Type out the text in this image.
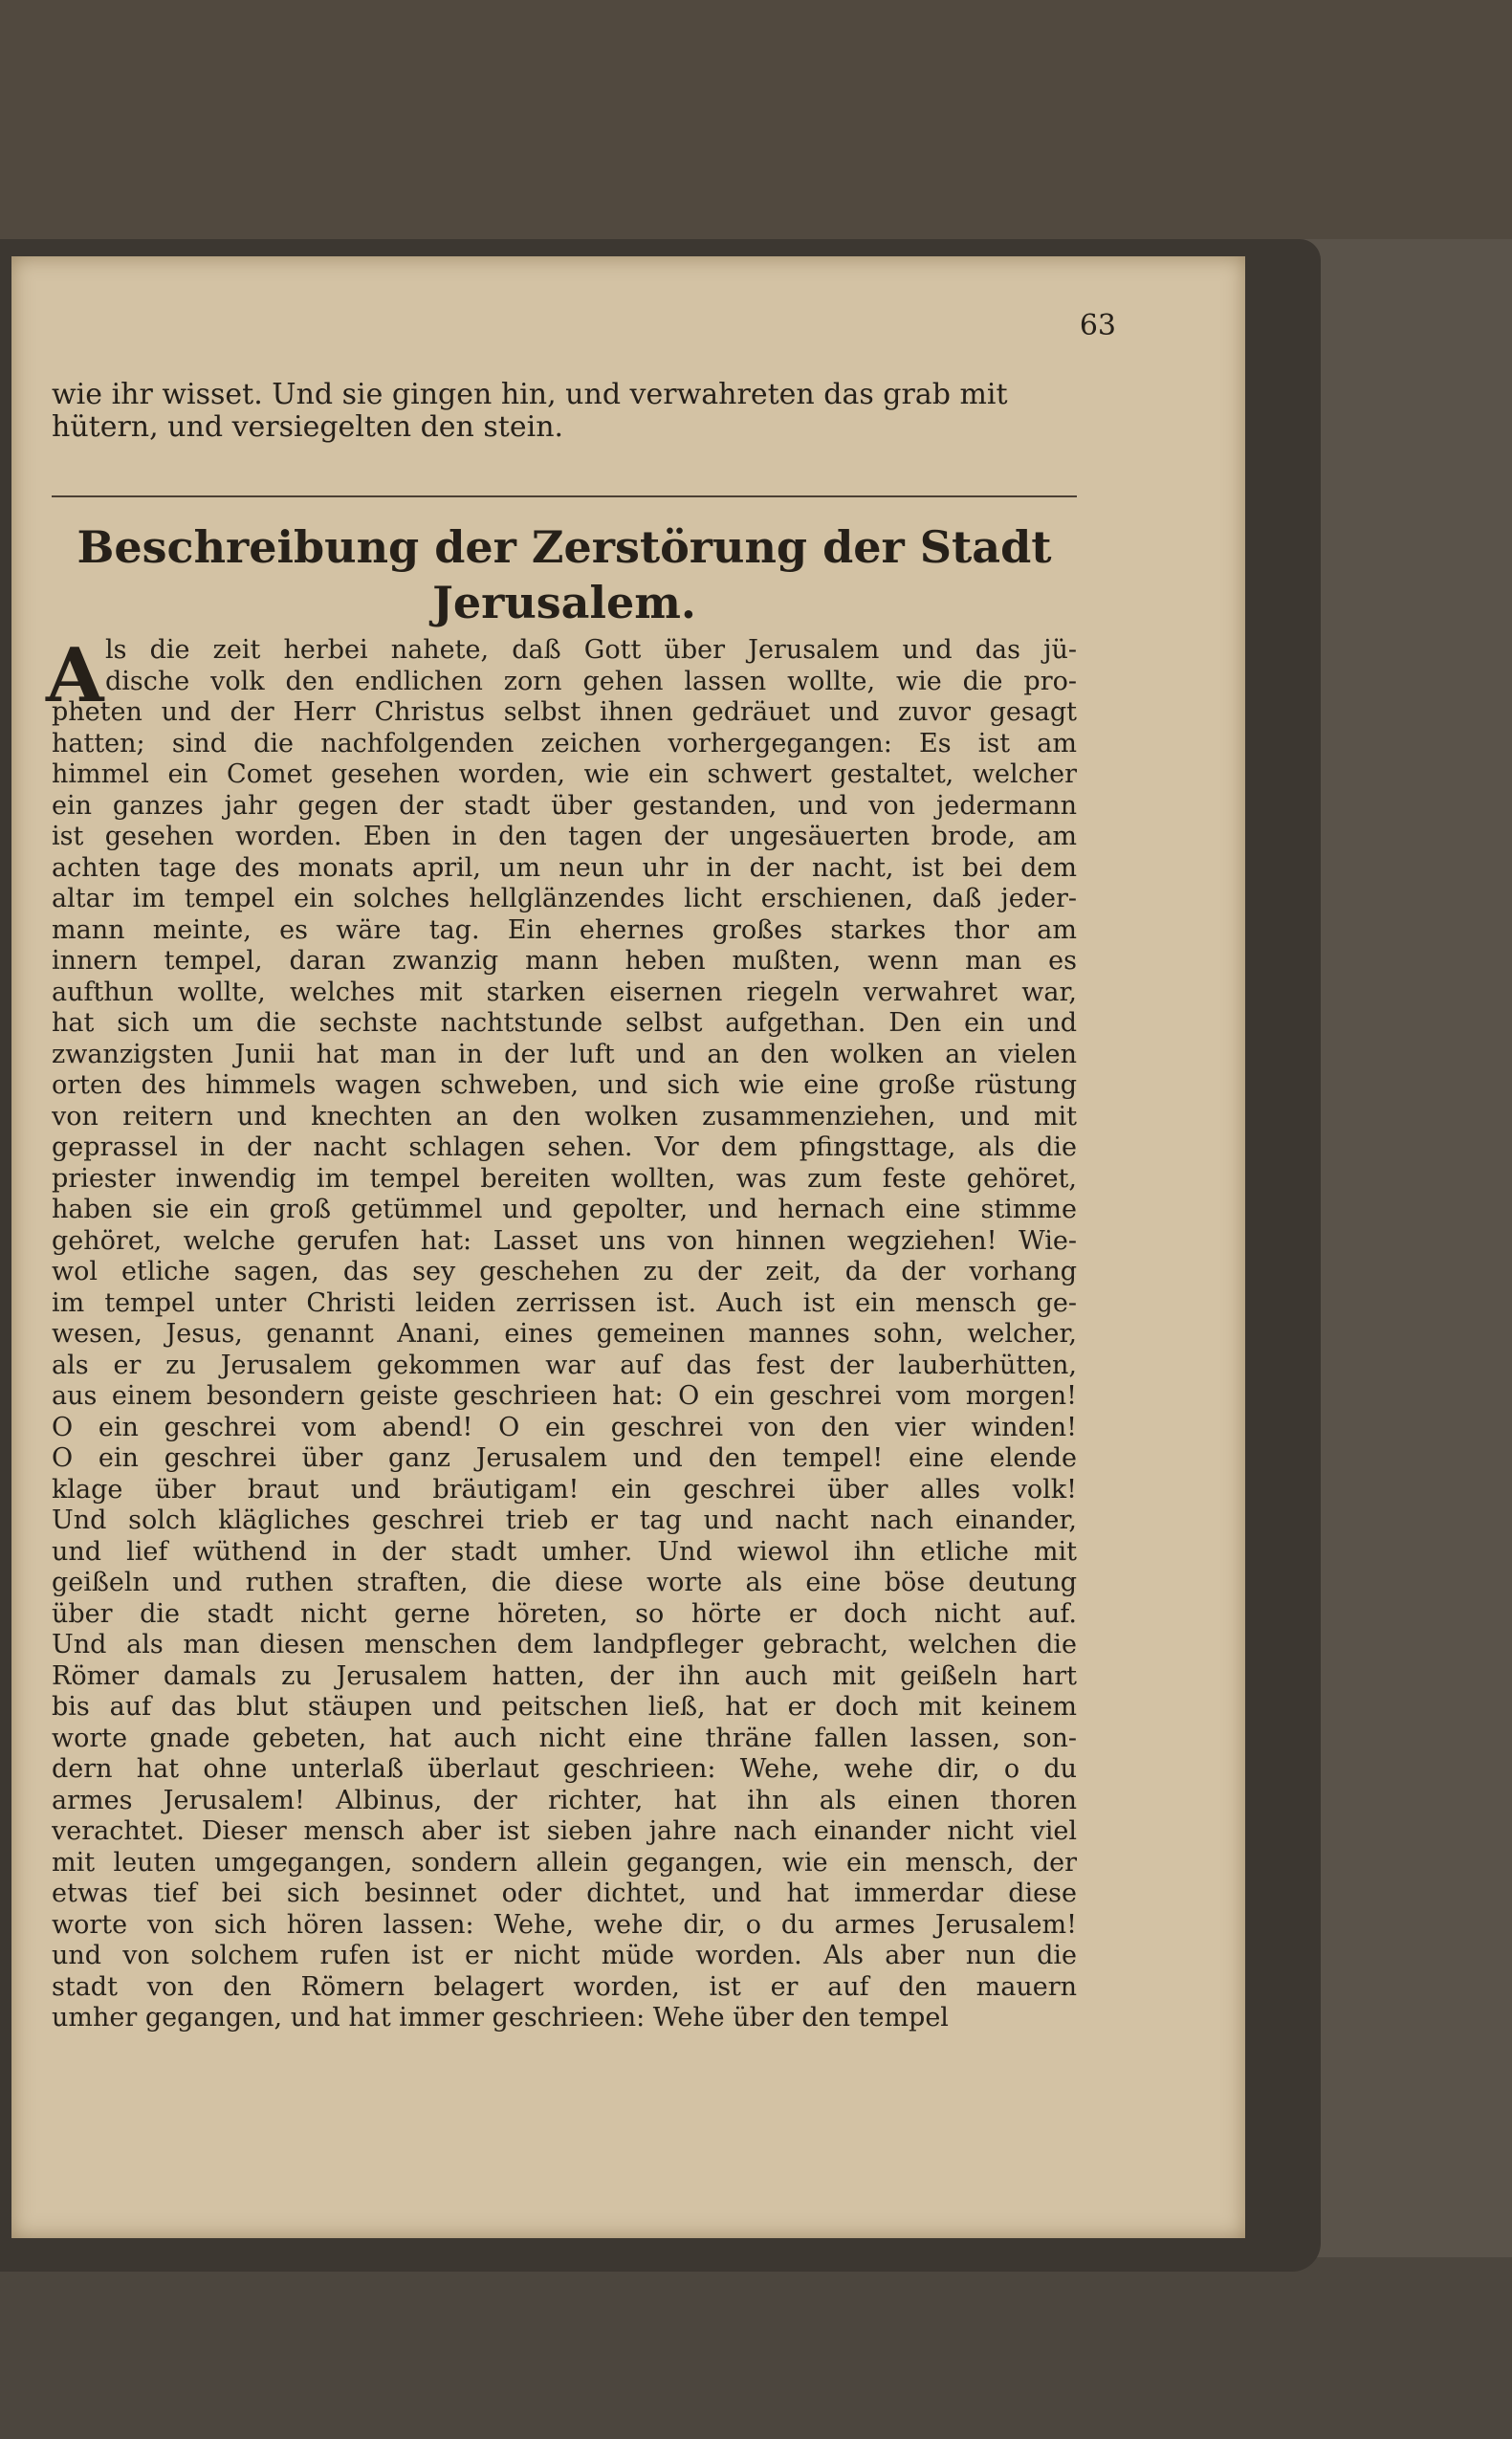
63
wie ihr wisset. Und sie gingen hin, und verwahreten das grab mit
hütern, und versiegelten den stein.
Beschreibung der Zerstörung der Stadt
Jerusalem.
A ls die zeit herbei nahete, daß Gott über Jerusalem und das jü-
dische volk den endlichen zorn gehen lassen wollte, wie die pro-
pheten und der Herr Christus selbst ihnen gedräuet und zuvor gesagt
hatten; sind die nachfolgenden zeichen vorhergegangen: Es ist am
himmel ein Comet gesehen worden, wie ein schwert gestaltet, welcher
ein ganzes jahr gegen der stadt über gestanden, und von jedermann
ist gesehen worden. Eben in den tagen der ungesäuerten brode, am
achten tage des monats april, um neun uhr in der nacht, ist bei dem
altar im tempel ein solches hellglänzendes licht erschienen, daß jeder-
mann meinte, es wäre tag. Ein ehernes großes starkes thor am
innern tempel, daran zwanzig mann heben mußten, wenn man es
aufthun wollte, welches mit starken eisernen riegeln verwahret war,
hat sich um die sechste nachtstunde selbst aufgethan. Den ein und
zwanzigsten Junii hat man in der luft und an den wolken an vielen
orten des himmels wagen schweben, und sich wie eine große rüstung
von reitern und knechten an den wolken zusammenziehen, und mit
geprassel in der nacht schlagen sehen. Vor dem pfingsttage, als die
priester inwendig im tempel bereiten wollten, was zum feste gehöret,
haben sie ein groß getümmel und gepolter, und hernach eine stimme
gehöret, welche gerufen hat: Lasset uns von hinnen wegziehen! Wie-
wol etliche sagen, das sey geschehen zu der zeit, da der vorhang
im tempel unter Christi leiden zerrissen ist. Auch ist ein mensch ge-
wesen, Jesus, genannt Anani, eines gemeinen mannes sohn, welcher,
als er zu Jerusalem gekommen war auf das fest der lauberhütten,
aus einem besondern geiste geschrieen hat: O ein geschrei vom morgen!
O ein geschrei vom abend! O ein geschrei von den vier winden!
O ein geschrei über ganz Jerusalem und den tempel! eine elende
klage über braut und bräutigam! ein geschrei über alles volk!
Und solch klägliches geschrei trieb er tag und nacht nach einander,
und lief wüthend in der stadt umher. Und wiewol ihn etliche mit
geißeln und ruthen straften, die diese worte als eine böse deutung
über die stadt nicht gerne höreten, so hörte er doch nicht auf.
Und als man diesen menschen dem landpfleger gebracht, welchen die
Römer damals zu Jerusalem hatten, der ihn auch mit geißeln hart
bis auf das blut stäupen und peitschen ließ, hat er doch mit keinem
worte gnade gebeten, hat auch nicht eine thräne fallen lassen, son-
dern hat ohne unterlaß überlaut geschrieen: Wehe, wehe dir, o du
armes Jerusalem! Albinus, der richter, hat ihn als einen thoren
verachtet. Dieser mensch aber ist sieben jahre nach einander nicht viel
mit leuten umgegangen, sondern allein gegangen, wie ein mensch, der
etwas tief bei sich besinnet oder dichtet, und hat immerdar diese
worte von sich hören lassen: Wehe, wehe dir, o du armes Jerusalem!
und von solchem rufen ist er nicht müde worden. Als aber nun die
stadt von den Römern belagert worden, ist er auf den mauern
umher gegangen, und hat immer geschrieen: Wehe über den tempel
